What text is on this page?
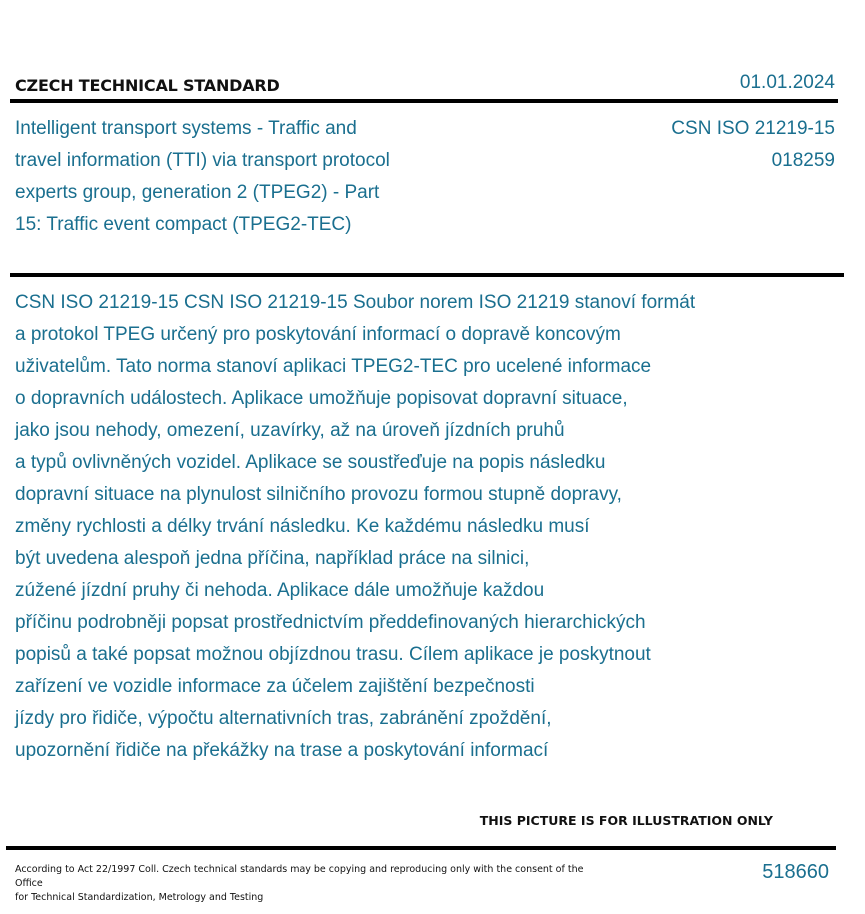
CZECH TECHNICAL STANDARD	01.01.2024
Intelligent transport systems - Traffic and
travel information (TTI) via transport protocol
experts group, generation 2 (TPEG2) - Part
15: Traffic event compact (TPEG2-TEC)
CSN ISO 21219-15
018259
CSN ISO 21219-15 CSN ISO 21219-15 Soubor norem ISO 21219 stanoví formát
a protokol TPEG určený pro poskytování informací o dopravě koncovým
uživatelům. Tato norma stanoví aplikaci TPEG2-TEC pro ucelené informace
o dopravních událostech. Aplikace umožňuje popisovat dopravní situace,
jako jsou nehody, omezení, uzavírky, až na úroveň jízdních pruhů
a typů ovlivněných vozidel. Aplikace se soustřeďuje na popis následku
dopravní situace na plynulost silničního provozu formou stupně dopravy,
změny rychlosti a délky trvání následku. Ke každému následku musí
být uvedena alespoň jedna příčina, například práce na silnici,
zúžené jízdní pruhy či nehoda. Aplikace dále umožňuje každou
příčinu podrobněji popsat prostřednictvím předdefinovaných hierarchických
popisů a také popsat možnou objízdnou trasu. Cílem aplikace je poskytnout
zařízení ve vozidle informace za účelem zajištění bezpečnosti
jízdy pro řidiče, výpočtu alternativních tras, zabránění zpoždění,
upozornění řidiče na překážky na trase a poskytování informací
THIS PICTURE IS FOR ILLUSTRATION ONLY
According to Act 22/1997 Coll. Czech technical standards may be copying and reproducing only with the consent of the Office
for Technical Standardization, Metrology and Testing
518660
